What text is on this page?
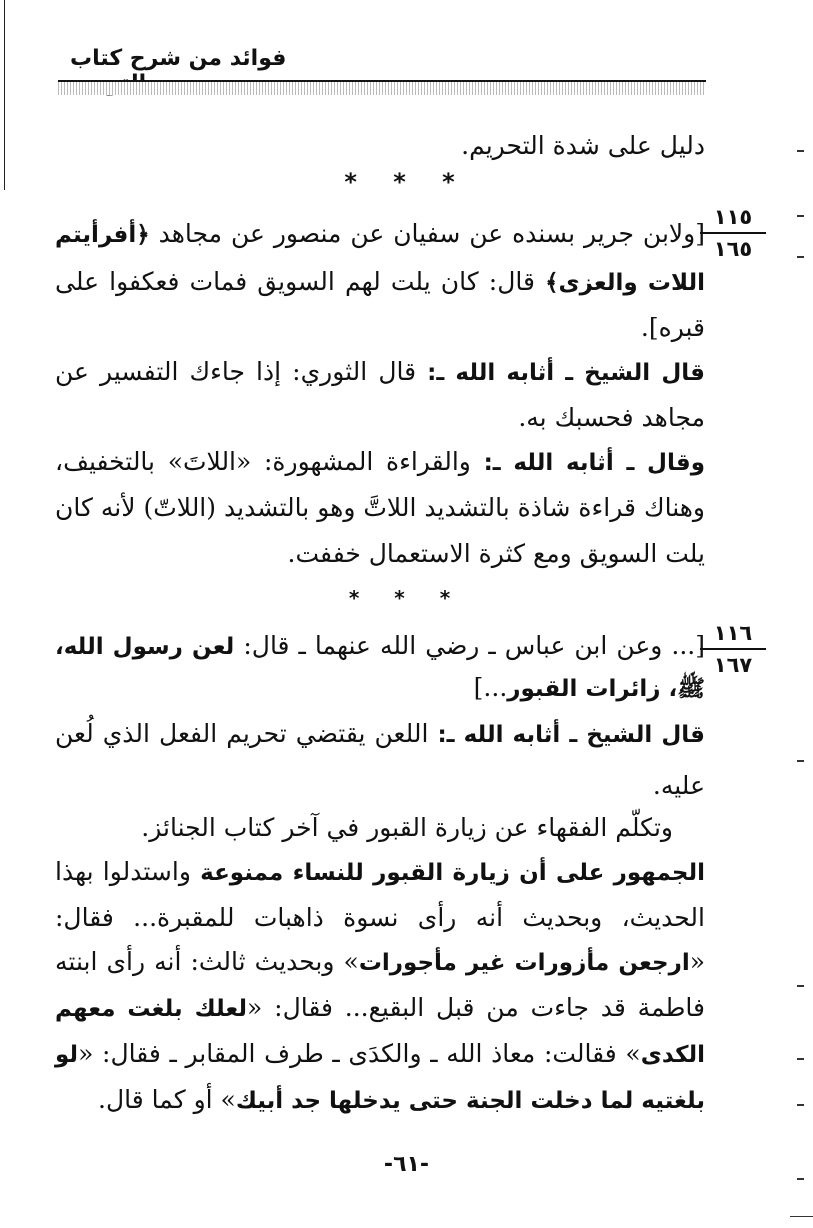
فوائد من شرح كتاب
دليل على شدة التحريم.
* * *
١١٥
١٦٥
[ولابن جرير بسنده عن سفيان عن منصور عن مجاهد ﴿أفرأيتم
اللات والعزى﴾ قال: كان يلت لهم السويق فمات فعكفوا على
قبره].
قال الشيخ ـ أثابه الله ـ: قال الثوري: إذا جاءك التفسير عن
مجاهد فحسبك به.
وقال ـ أثابه الله ـ: والقراءة المشهورة: «اللاتَ» بالتخفيف،
وهناك قراءة شاذة بالتشديد اللاتَّ وهو بالتشديد (اللاتّ) لأنه كان
يلت السويق ومع كثرة الاستعمال خففت.
* * *
١١٦
١٦٧
[... وعن ابن عباس ـ رضي الله عنهما ـ قال: لعن رسول الله،
ﷺ، زائرات القبور...]
قال الشيخ ـ أثابه الله ـ: اللعن يقتضي تحريم الفعل الذي لُعن
عليه.
وتكلّم الفقهاء عن زيارة القبور في آخر كتاب الجنائز.
الجمهور على أن زيارة القبور للنساء ممنوعة واستدلوا بهذا
الحديث، وبحديث أنه رأى نسوة ذاهبات للمقبرة... فقال:
«ارجعن مأزورات غير مأجورات» وبحديث ثالث: أنه رأى ابنته
فاطمة قد جاءت من قبل البقيع... فقال: «لعلك بلغت معهم
الكدى» فقالت: معاذ الله ـ والكدَى ـ طرف المقابر ـ فقال: «لو
بلغتيه لما دخلت الجنة حتى يدخلها جد أبيك» أو كما قال.
-٦١-
